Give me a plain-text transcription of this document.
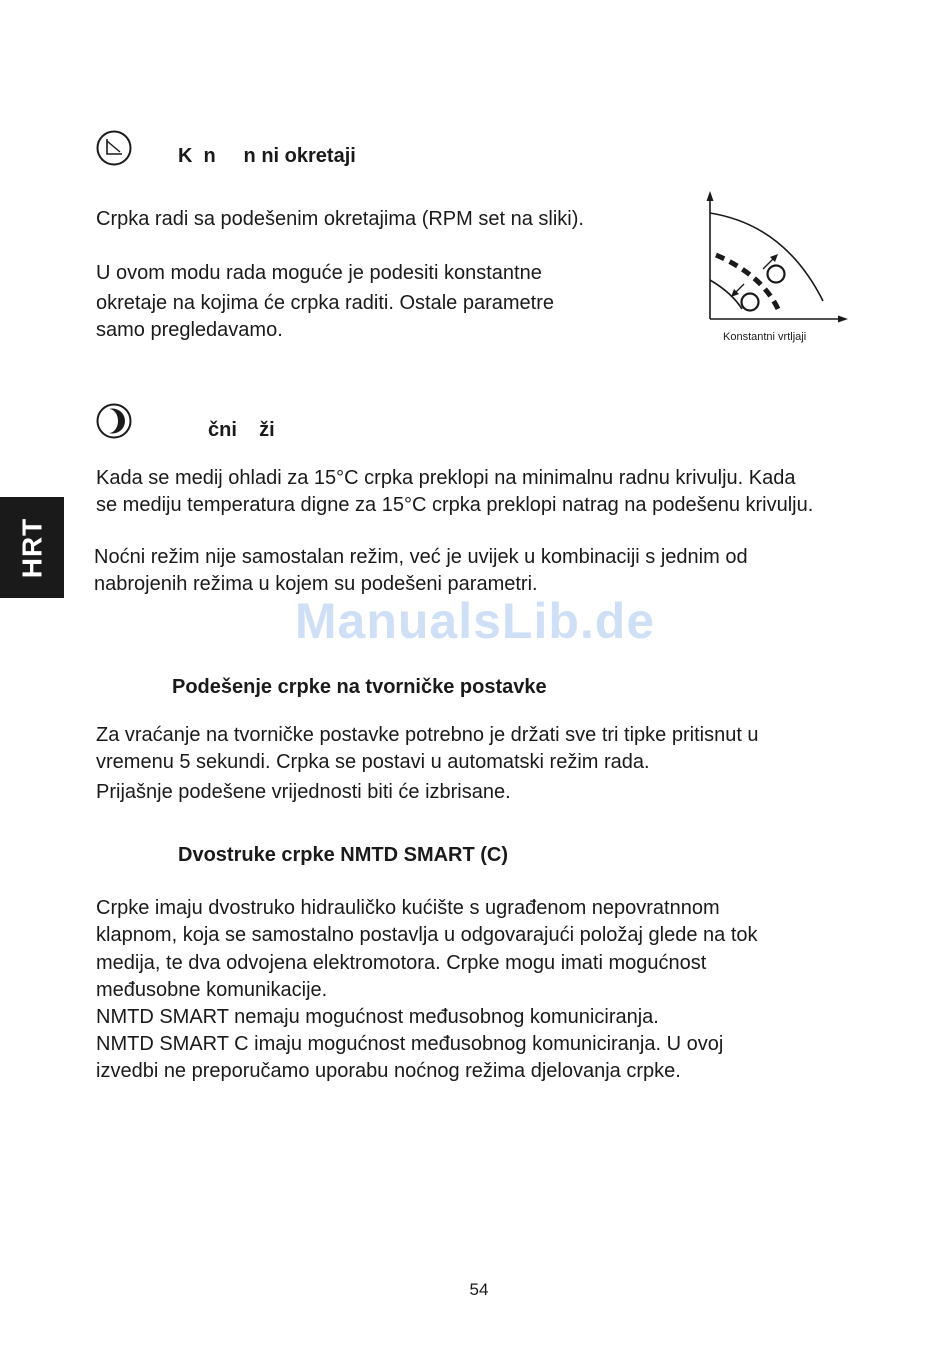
HRT

K  n     n ni okretaji

Crpka radi sa podešenim okretajima (RPM set na sliki).

U ovom modu rada moguće je podesiti konstantne

okretaje na kojima će crpka raditi. Ostale parametre

samo pregledavamo.	Konstantni vrtljaji

čni    ži

Kada se medij ohladi za 15°C crpka preklopi na minimalnu radnu krivulju. Kada

se mediju temperatura digne za 15°C crpka preklopi natrag na podešenu krivulju.

Noćni režim nije samostalan režim, već je uvijek u kombinaciji s jednim od

nabrojenih režima u kojem su podešeni parametri.

ManualsLib.de

Podešenje crpke na tvorničke postavke

Za vraćanje na tvorničke postavke potrebno je držati sve tri tipke pritisnut u

vremenu 5 sekundi. Crpka se postavi u automatski režim rada.

Prijašnje podešene vrijednosti biti će izbrisane.

Dvostruke crpke NMTD SMART (C)

Crpke imaju dvostruko hidrauličko kućište s ugrađenom nepovratnnom

klapnom, koja se samostalno postavlja u odgovarajući položaj glede na tok

medija, te dva odvojena elektromotora. Crpke mogu imati mogućnost

međusobne komunikacije.

NMTD SMART nemaju mogućnost međusobnog komuniciranja.

NMTD SMART C imaju mogućnost međusobnog komuniciranja. U ovoj

izvedbi ne preporučamo uporabu noćnog režima djelovanja crpke.

54
